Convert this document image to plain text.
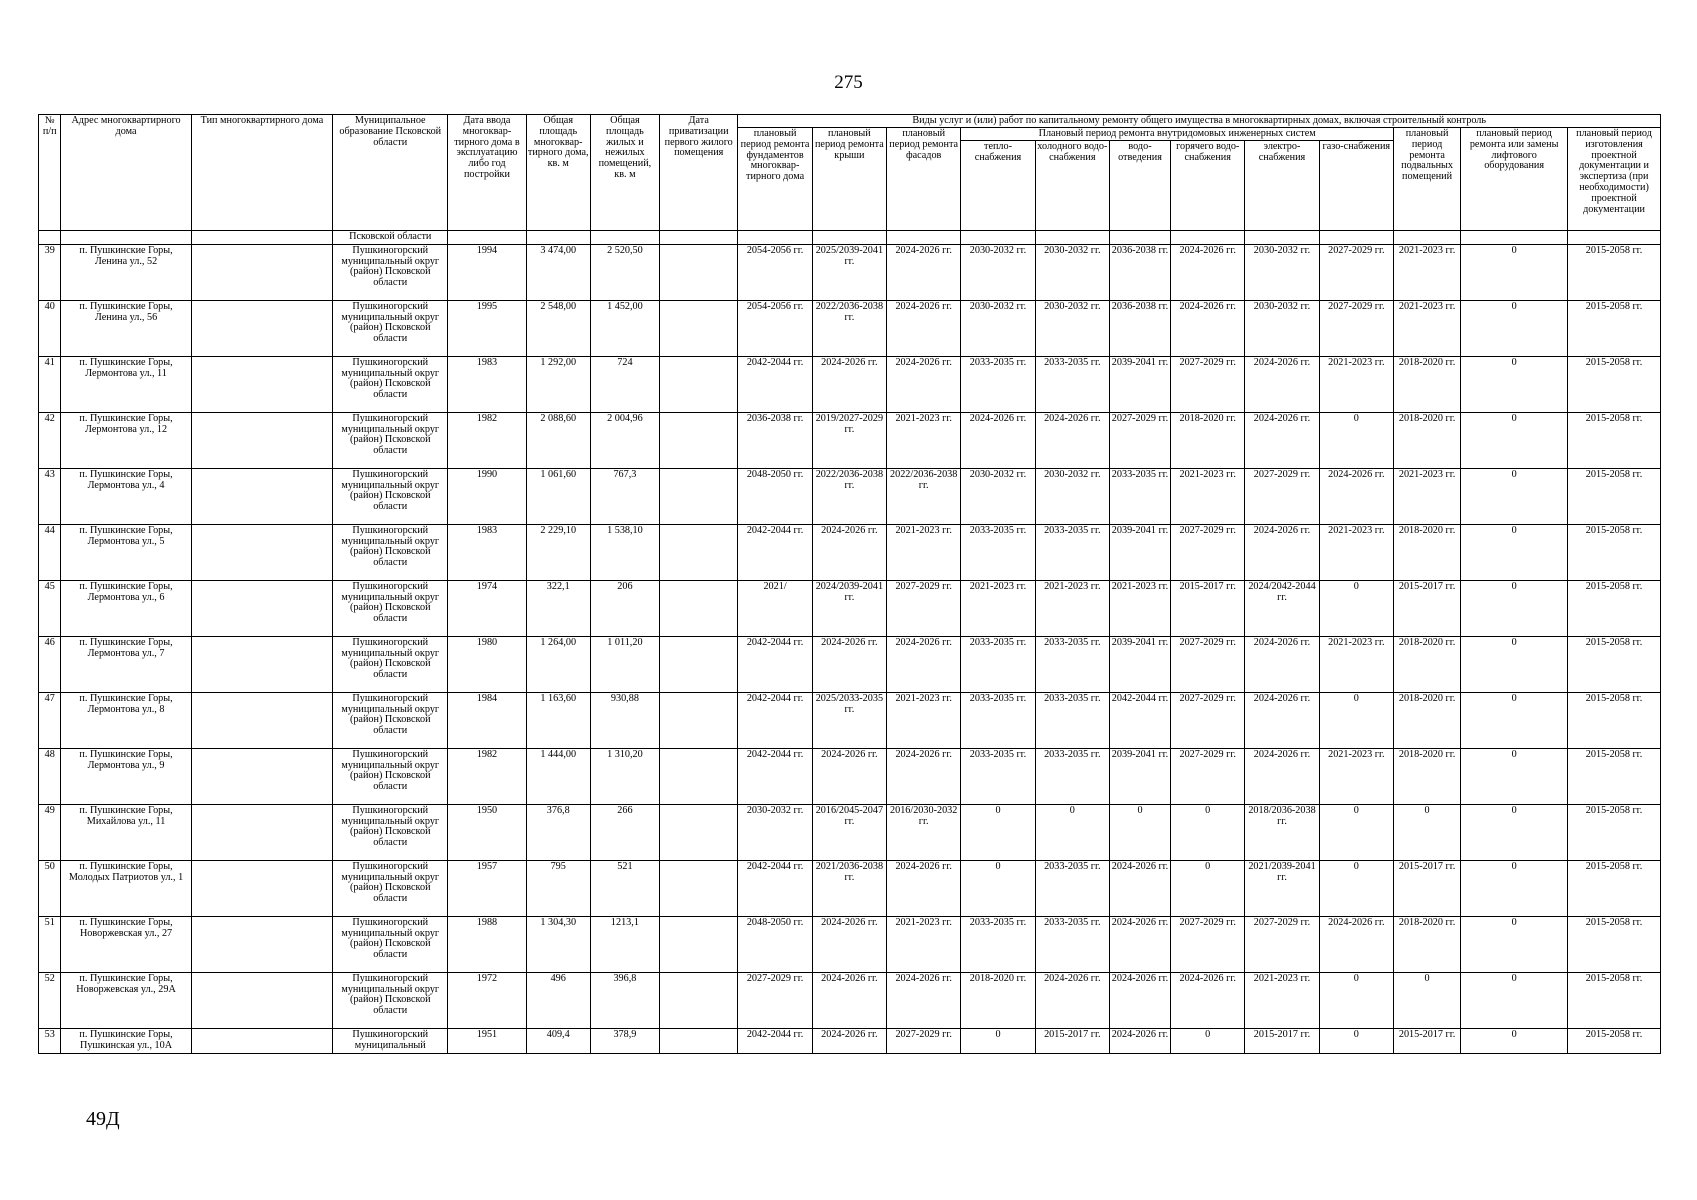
275
№ п/п	Адрес многоквартирного дома	Тип многоквартирного дома	Муниципальное образование Псковской области	Дата ввода многоквар-тирного дома в эксплуатацию либо год постройки	Общая площадь многоквар-тирного дома, кв. м	Общая площадь жилых и нежилых помещений, кв. м	Дата приватизации первого жилого помещения	Виды услуг и (или) работ по капитальному ремонту общего имущества в многоквартирных домах, включая строительный контроль											
								плановый период ремонта фундаментов многоквар-тирного дома	плановый период ремонта крыши	плановый период ремонта фасадов	Плановый период ремонта внутридомовых инженерных систем						плановый период ремонта подвальных помещений	плановый период ремонта или замены лифтового оборудования	плановый период изготовления проектной документации и экспертиза (при необходимости) проектной документации
											тепло-снабжения	холодного водо-снабжения	водо-отведения	горячего водо-снабжения	электро-снабжения	газо-снабжения			
			Псковской области																
39	п. Пушкинские Горы, Ленина ул., 52		Пушкиногорский муниципальный округ (район) Псковской области	1994	3 474,00	2 520,50		2054-2056 гг.	2025/2039-2041 гг.	2024-2026 гг.	2030-2032 гг.	2030-2032 гг.	2036-2038 гг.	2024-2026 гг.	2030-2032 гг.	2027-2029 гг.	2021-2023 гг.	0	2015-2058 гг.
40	п. Пушкинские Горы, Ленина ул., 56		Пушкиногорский муниципальный округ (район) Псковской области	1995	2 548,00	1 452,00		2054-2056 гг.	2022/2036-2038 гг.	2024-2026 гг.	2030-2032 гг.	2030-2032 гг.	2036-2038 гг.	2024-2026 гг.	2030-2032 гг.	2027-2029 гг.	2021-2023 гг.	0	2015-2058 гг.
41	п. Пушкинские Горы, Лермонтова ул., 11		Пушкиногорский муниципальный округ (район) Псковской области	1983	1 292,00	724		2042-2044 гг.	2024-2026 гг.	2024-2026 гг.	2033-2035 гг.	2033-2035 гг.	2039-2041 гг.	2027-2029 гг.	2024-2026 гг.	2021-2023 гг.	2018-2020 гг.	0	2015-2058 гг.
42	п. Пушкинские Горы, Лермонтова ул., 12		Пушкиногорский муниципальный округ (район) Псковской области	1982	2 088,60	2 004,96		2036-2038 гг.	2019/2027-2029 гг.	2021-2023 гг.	2024-2026 гг.	2024-2026 гг.	2027-2029 гг.	2018-2020 гг.	2024-2026 гг.	0	2018-2020 гг.	0	2015-2058 гг.
43	п. Пушкинские Горы, Лермонтова ул., 4		Пушкиногорский муниципальный округ (район) Псковской области	1990	1 061,60	767,3		2048-2050 гг.	2022/2036-2038 гг.	2022/2036-2038 гг.	2030-2032 гг.	2030-2032 гг.	2033-2035 гг.	2021-2023 гг.	2027-2029 гг.	2024-2026 гг.	2021-2023 гг.	0	2015-2058 гг.
44	п. Пушкинские Горы, Лермонтова ул., 5		Пушкиногорский муниципальный округ (район) Псковской области	1983	2 229,10	1 538,10		2042-2044 гг.	2024-2026 гг.	2021-2023 гг.	2033-2035 гг.	2033-2035 гг.	2039-2041 гг.	2027-2029 гг.	2024-2026 гг.	2021-2023 гг.	2018-2020 гг.	0	2015-2058 гг.
45	п. Пушкинские Горы, Лермонтова ул., 6		Пушкиногорский муниципальный округ (район) Псковской области	1974	322,1	206		2021/	2024/2039-2041 гг.	2027-2029 гг.	2021-2023 гг.	2021-2023 гг.	2021-2023 гг.	2015-2017 гг.	2024/2042-2044 гг.	0	2015-2017 гг.	0	2015-2058 гг.
46	п. Пушкинские Горы, Лермонтова ул., 7		Пушкиногорский муниципальный округ (район) Псковской области	1980	1 264,00	1 011,20		2042-2044 гг.	2024-2026 гг.	2024-2026 гг.	2033-2035 гг.	2033-2035 гг.	2039-2041 гг.	2027-2029 гг.	2024-2026 гг.	2021-2023 гг.	2018-2020 гг.	0	2015-2058 гг.
47	п. Пушкинские Горы, Лермонтова ул., 8		Пушкиногорский муниципальный округ (район) Псковской области	1984	1 163,60	930,88		2042-2044 гг.	2025/2033-2035 гг.	2021-2023 гг.	2033-2035 гг.	2033-2035 гг.	2042-2044 гг.	2027-2029 гг.	2024-2026 гг.	0	2018-2020 гг.	0	2015-2058 гг.
48	п. Пушкинские Горы, Лермонтова ул., 9		Пушкиногорский муниципальный округ (район) Псковской области	1982	1 444,00	1 310,20		2042-2044 гг.	2024-2026 гг.	2024-2026 гг.	2033-2035 гг.	2033-2035 гг.	2039-2041 гг.	2027-2029 гг.	2024-2026 гг.	2021-2023 гг.	2018-2020 гг.	0	2015-2058 гг.
49	п. Пушкинские Горы, Михайлова ул., 11		Пушкиногорский муниципальный округ (район) Псковской области	1950	376,8	266		2030-2032 гг.	2016/2045-2047 гг.	2016/2030-2032 гг.	0	0	0	0	2018/2036-2038 гг.	0	0	0	2015-2058 гг.
50	п. Пушкинские Горы, Молодых Патриотов ул., 1		Пушкиногорский муниципальный округ (район) Псковской области	1957	795	521		2042-2044 гг.	2021/2036-2038 гг.	2024-2026 гг.	0	2033-2035 гг.	2024-2026 гг.	0	2021/2039-2041 гг.	0	2015-2017 гг.	0	2015-2058 гг.
51	п. Пушкинские Горы, Новоржевская ул., 27		Пушкиногорский муниципальный округ (район) Псковской области	1988	1 304,30	1213,1		2048-2050 гг.	2024-2026 гг.	2021-2023 гг.	2033-2035 гг.	2033-2035 гг.	2024-2026 гг.	2027-2029 гг.	2027-2029 гг.	2024-2026 гг.	2018-2020 гг.	0	2015-2058 гг.
52	п. Пушкинские Горы, Новоржевская ул., 29А		Пушкиногорский муниципальный округ (район) Псковской области	1972	496	396,8		2027-2029 гг.	2024-2026 гг.	2024-2026 гг.	2018-2020 гг.	2024-2026 гг.	2024-2026 гг.	2024-2026 гг.	2021-2023 гг.	0	0	0	2015-2058 гг.
53	п. Пушкинские Горы, Пушкинская ул., 10А		Пушкиногорский муниципальный	1951	409,4	378,9		2042-2044 гг.	2024-2026 гг.	2027-2029 гг.	0	2015-2017 гг.	2024-2026 гг.	0	2015-2017 гг.	0	2015-2017 гг.	0	2015-2058 гг.
49Д
